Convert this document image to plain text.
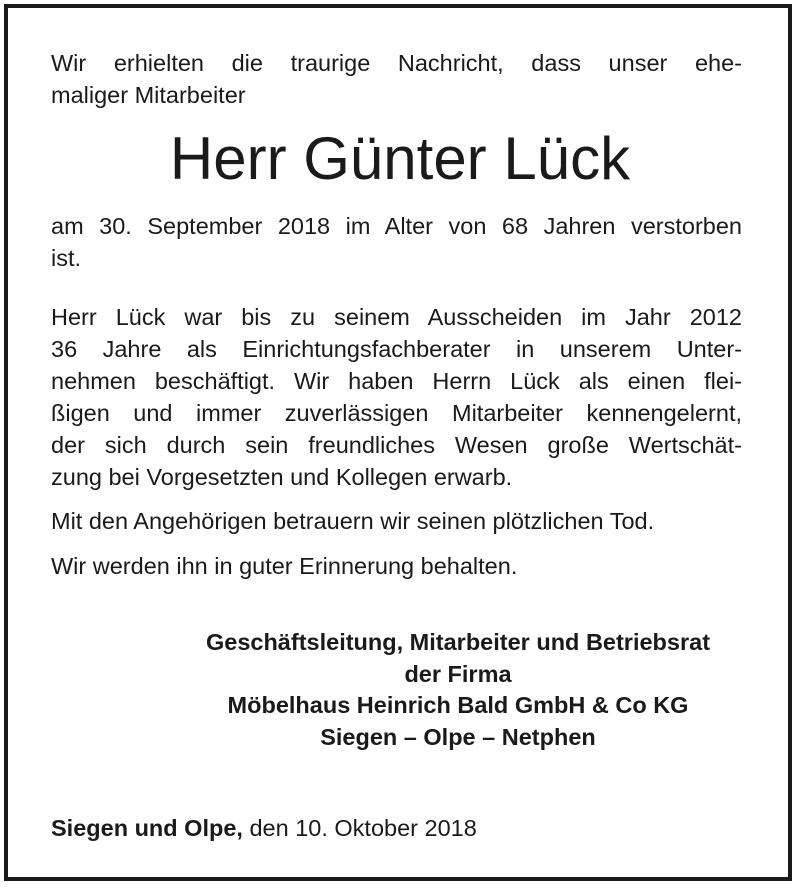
Wir erhielten die traurige Nachricht, dass unser ehe-
maliger Mitarbeiter
Herr Günter Lück
am 30. September 2018 im Alter von 68 Jahren verstorben
ist.
Herr Lück war bis zu seinem Ausscheiden im Jahr 2012
36 Jahre als Einrichtungsfachberater in unserem Unter-
nehmen beschäftigt. Wir haben Herrn Lück als einen flei-
ßigen und immer zuverlässigen Mitarbeiter kennengelernt,
der sich durch sein freundliches Wesen große Wertschät-
zung bei Vorgesetzten und Kollegen erwarb.
Mit den Angehörigen betrauern wir seinen plötzlichen Tod.
Wir werden ihn in guter Erinnerung behalten.
Geschäftsleitung, Mitarbeiter und Betriebsrat
der Firma
Möbelhaus Heinrich Bald GmbH & Co KG
Siegen – Olpe – Netphen
Siegen und Olpe, den 10. Oktober 2018
